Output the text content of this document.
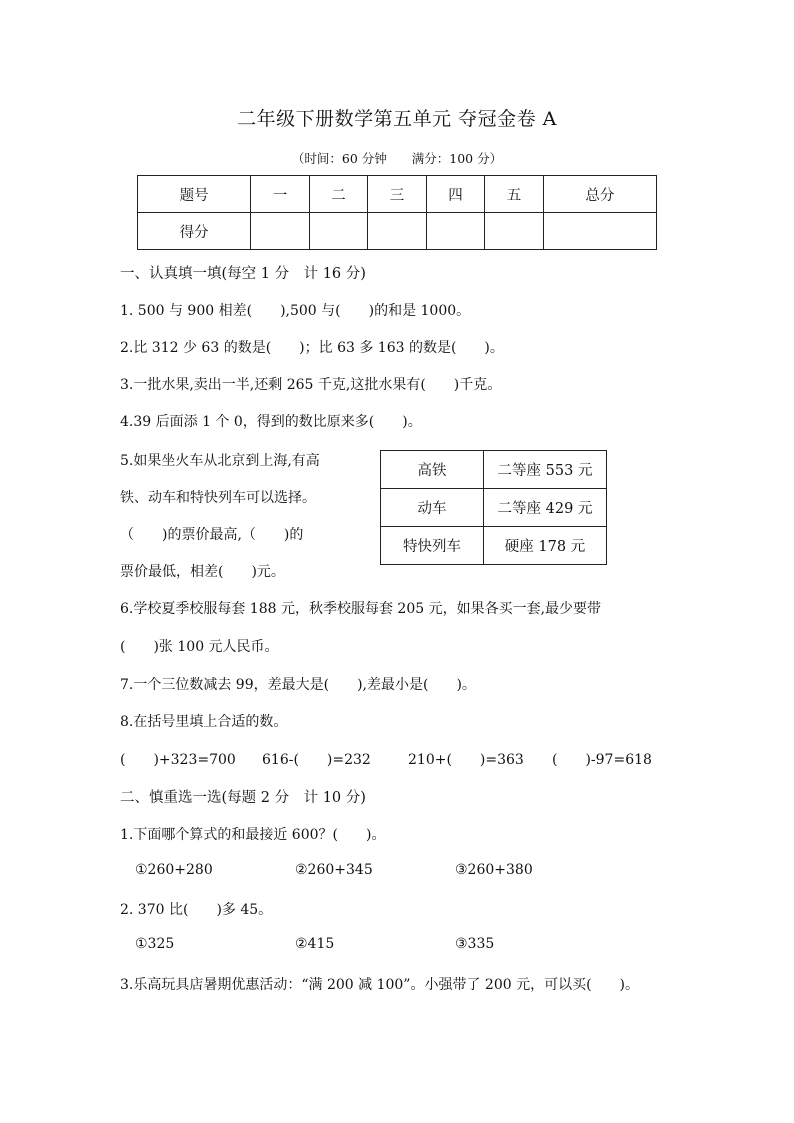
二年级下册数学第五单元 夺冠金卷 A
（时间：60 分钟　　满分：100 分）
题号	一	二	三	四	五	总分
得分						
一、认真填一填(每空 1 分　计 16 分)
1. 500 与 900 相差(　　),500 与(　　)的和是 1000。
2.比 312 少 63 的数是(　　)；比 63 多 163 的数是(　　)。
3.一批水果,卖出一半,还剩 265 千克,这批水果有(　　)千克。
4.39 后面添 1 个 0，得到的数比原来多(　　)。
5.如果坐火车从北京到上海,有高
铁、动车和特快列车可以选择。
（　　)的票价最高,（　　)的
票价最低，相差(　　)元。
高铁	二等座 553 元
动车	二等座 429 元
特快列车	硬座 178 元
6.学校夏季校服每套 188 元，秋季校服每套 205 元，如果各买一套,最少要带
(　　)张 100 元人民币。
7.一个三位数减去 99，差最大是(　　),差最小是(　　)。
8.在括号里填上合适的数。
(　　)+323=700 616-(　　)=232	210+(　　)=363 (　　)-97=618
二、慎重选一选(每题 2 分　计 10 分)
1.下面哪个算式的和最接近 600？(　　)。
①260+280	②260+345	③260+380
2. 370 比(　　)多 45。
①325	②415	③335
3.乐高玩具店暑期优惠活动：“满 200 减 100”。小强带了 200 元，可以买(　　)。
